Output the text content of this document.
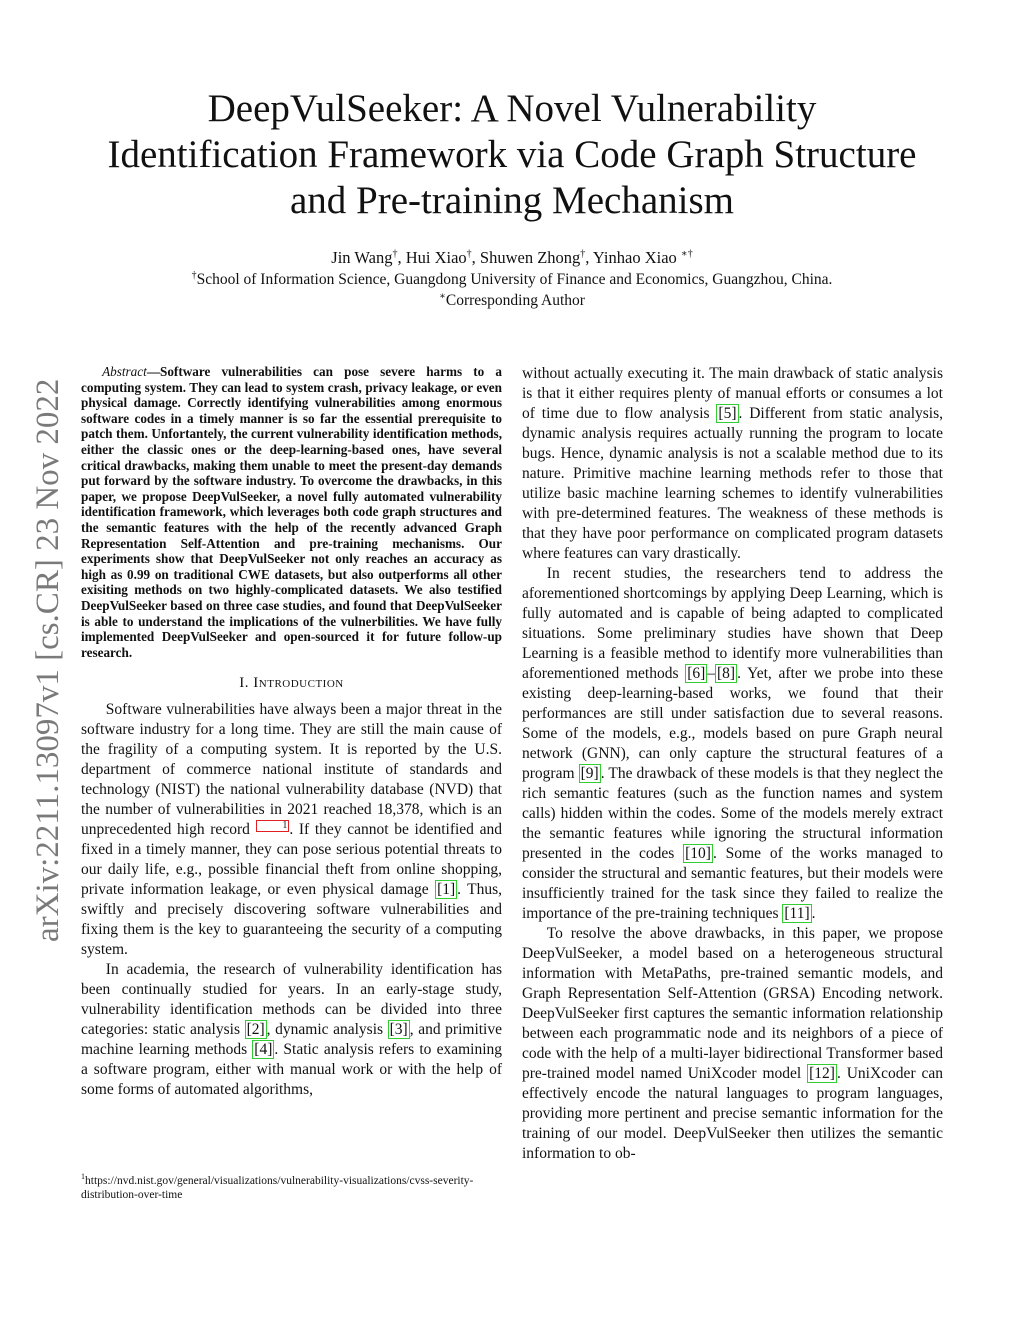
arXiv:2211.13097v1 [cs.CR] 23 Nov 2022
DeepVulSeeker: A Novel Vulnerability
Identification Framework via Code Graph Structure
and Pre-training Mechanism
Jin Wang†, Hui Xiao†, Shuwen Zhong†, Yinhao Xiao ∗†
†School of Information Science, Guangdong University of Finance and Economics, Guangzhou, China.
∗Corresponding Author

Abstract—Software vulnerabilities can pose severe harms to a computing system. They can lead to system crash, privacy leakage, or even physical damage. Correctly identifying vulnerabilities among enormous software codes in a timely manner is so far the essential prerequisite to patch them. Unfortantely, the current vulnerability identification methods, either the classic ones or the deep-learning-based ones, have several critical drawbacks, making them unable to meet the present-day demands put forward by the software industry. To overcome the drawbacks, in this paper, we propose DeepVulSeeker, a novel fully automated vulnerability identification framework, which leverages both code graph structures and the semantic features with the help of the recently advanced Graph Representation Self-Attention and pre-training mechanisms. Our experiments show that DeepVulSeeker not only reaches an accuracy as high as 0.99 on traditional CWE datasets, but also outperforms all other exisiting methods on two highly-complicated datasets. We also testified DeepVulSeeker based on three case studies, and found that DeepVulSeeker is able to understand the implications of the vulnerbilities. We have fully implemented DeepVulSeeker and open-sourced it for future follow-up research.

I. Introduction

Software vulnerabilities have always been a major threat in the software industry for a long time. They are still the main cause of the fragility of a computing system. It is reported by the U.S. department of commerce national institute of standards and technology (NIST) the national vulnerability database (NVD) that the number of vulnerabilities in 2021 reached 18,378, which is an unprecedented high record	1 . If they cannot be identified and fixed in a timely manner, they can pose serious potential threats to our daily life, e.g., possible financial theft from online shopping, private information leakage, or even physical damage [1] . Thus, swiftly and precisely discovering software vulnerabilities and fixing them is the key to guaranteeing the security of a computing system.

In academia, the research of vulnerability identification has been continually studied for years. In an early-stage study, vulnerability identification methods can be divided into three categories: static analysis [2] , dynamic analysis [3] , and primitive machine learning methods [4] . Static analysis refers to examining a software program, either with manual work or with the help of some forms of automated algorithms,

$^1$https://nvd.nist.gov/general/visualizations/vulnerability-visualizations/cvss-severity-distribution-over-time

without actually executing it. The main drawback of static analysis is that it either requires plenty of manual efforts or consumes a lot of time due to flow analysis [5] . Different from static analysis, dynamic analysis requires actually running the program to locate bugs. Hence, dynamic analysis is not a scalable method due to its nature. Primitive machine learning methods refer to those that utilize basic machine learning schemes to identify vulnerabilities with pre-determined features. The weakness of these methods is that they have poor performance on complicated program datasets where features can vary drastically.

In recent studies, the researchers tend to address the aforementioned shortcomings by applying Deep Learning, which is fully automated and is capable of being adapted to complicated situations. Some preliminary studies have shown that Deep Learning is a feasible method to identify more vulnerabilities than aforementioned methods [6] – [8] . Yet, after we probe into these existing deep-learning-based works, we found that their performances are still under satisfaction due to several reasons. Some of the models, e.g., models based on pure Graph neural network (GNN), can only capture the structural features of a program [9] . The drawback of these models is that they neglect the rich semantic features (such as the function names and system calls) hidden within the codes. Some of the models merely extract the semantic features while ignoring the structural information presented in the codes [10] . Some of the works managed to consider the structural and semantic features, but their models were insufficiently trained for the task since they failed to realize the importance of the pre-training techniques [11] .

To resolve the above drawbacks, in this paper, we propose DeepVulSeeker, a model based on a heterogeneous structural information with MetaPaths, pre-trained semantic models, and Graph Representation Self-Attention (GRSA) Encoding network. DeepVulSeeker first captures the semantic information relationship between each programmatic node and its neighbors of a piece of code with the help of a multi-layer bidirectional Transformer based pre-trained model named UniXcoder model [12] . UniXcoder can effectively encode the natural languages to program languages, providing more pertinent and precise semantic information for the training of our model. DeepVulSeeker then utilizes the semantic information to ob-
